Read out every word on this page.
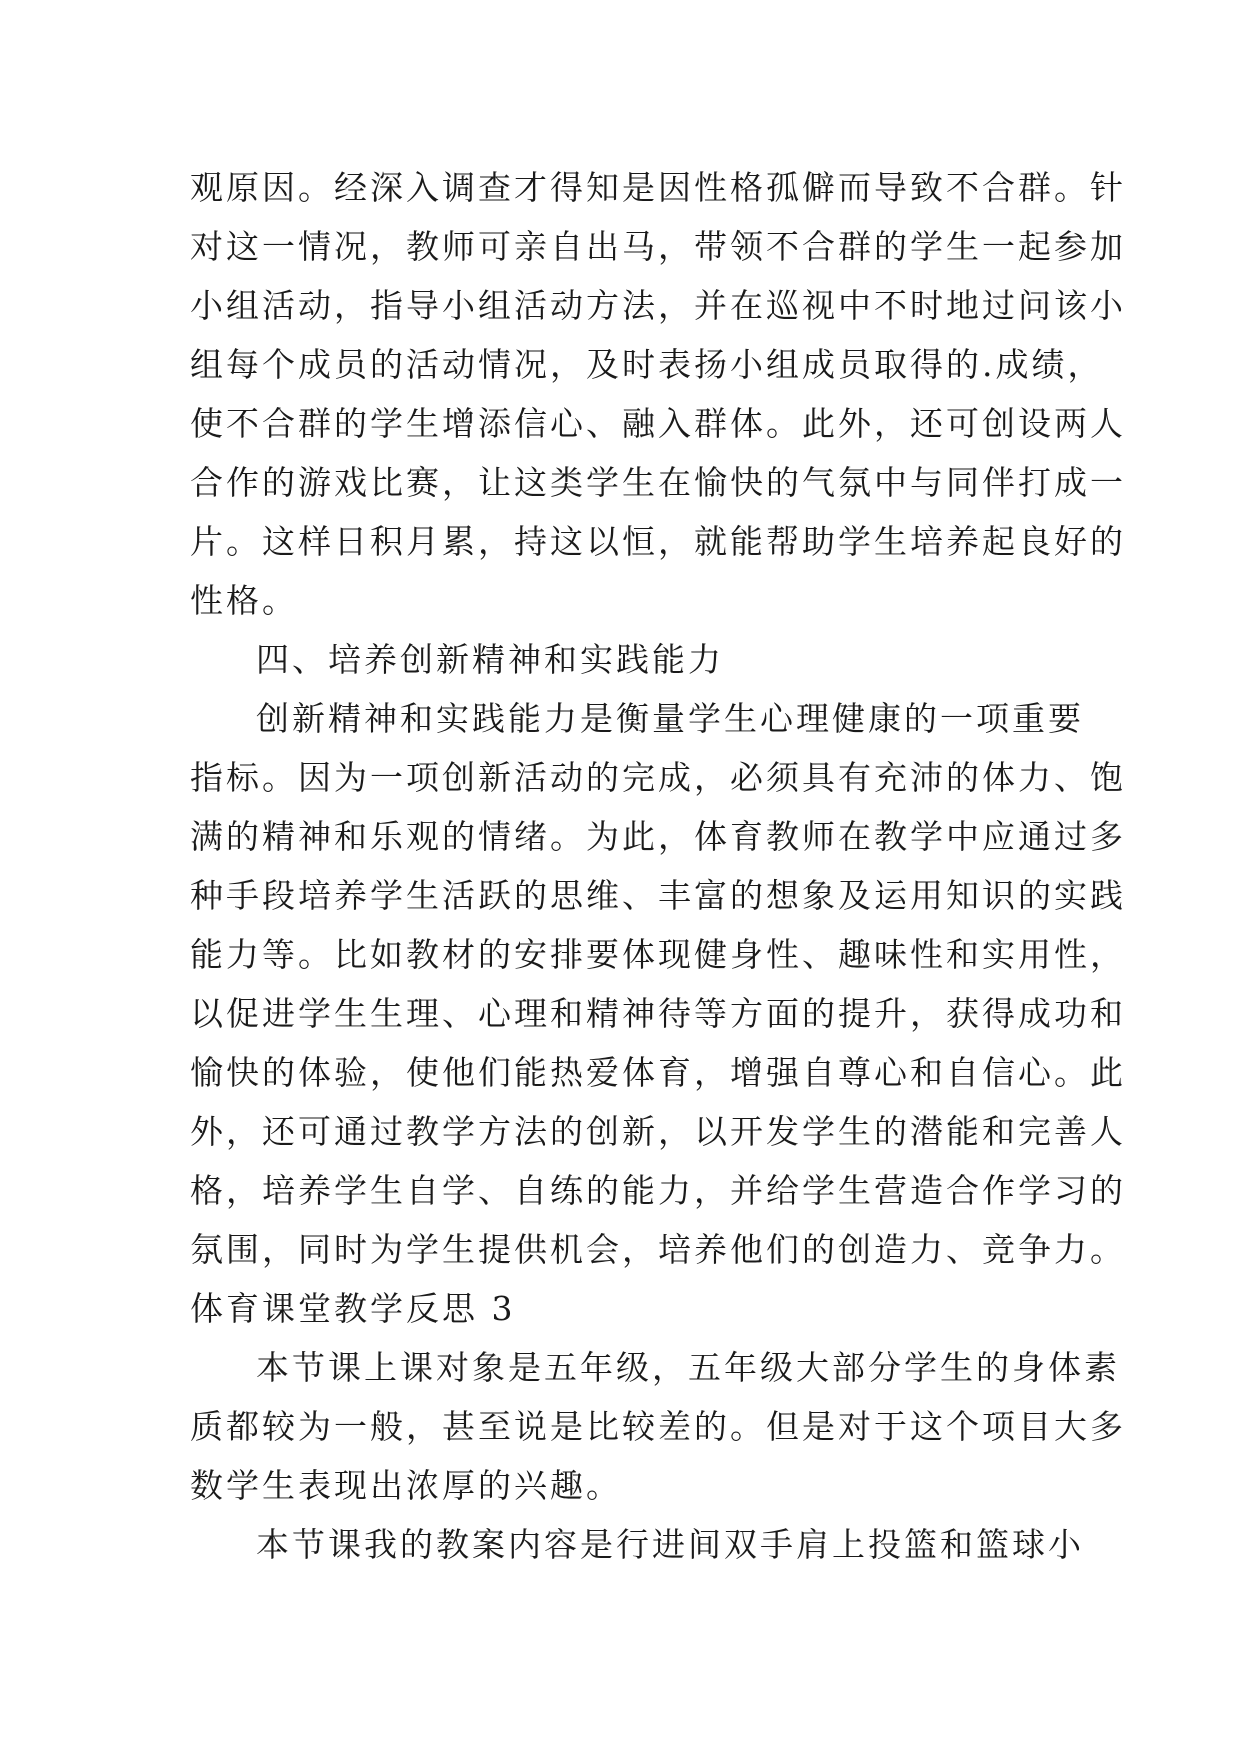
观原因。经深入调查才得知是因性格孤僻而导致不合群。针
对这一情况，教师可亲自出马，带领不合群的学生一起参加
小组活动，指导小组活动方法，并在巡视中不时地过问该小
组每个成员的活动情况，及时表扬小组成员取得的.成绩，
使不合群的学生增添信心、融入群体。此外，还可创设两人
合作的游戏比赛，让这类学生在愉快的气氛中与同伴打成一
片。这样日积月累，持这以恒，就能帮助学生培养起良好的
性格。
四、培养创新精神和实践能力
创新精神和实践能力是衡量学生心理健康的一项重要
指标。因为一项创新活动的完成，必须具有充沛的体力、饱
满的精神和乐观的情绪。为此，体育教师在教学中应通过多
种手段培养学生活跃的思维、丰富的想象及运用知识的实践
能力等。比如教材的安排要体现健身性、趣味性和实用性，
以促进学生生理、心理和精神待等方面的提升，获得成功和
愉快的体验，使他们能热爱体育，增强自尊心和自信心。此
外，还可通过教学方法的创新，以开发学生的潜能和完善人
格，培养学生自学、自练的能力，并给学生营造合作学习的
氛围，同时为学生提供机会，培养他们的创造力、竞争力。
体育课堂教学反思 3
本节课上课对象是五年级，五年级大部分学生的身体素
质都较为一般，甚至说是比较差的。但是对于这个项目大多
数学生表现出浓厚的兴趣。
本节课我的教案内容是行进间双手肩上投篮和篮球小
